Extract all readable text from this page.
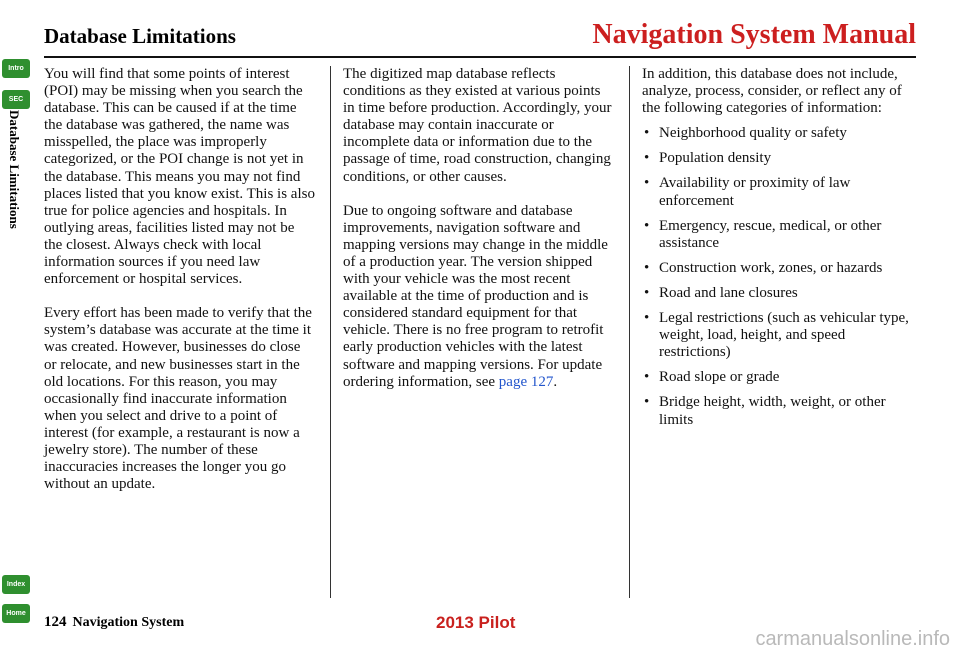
Database Limitations	Navigation System Manual
Intro
SEC
Database Limitations
Index
Home

You will find that some points of interest (POI) may be missing when you search the database. This can be caused if at the time the database was gathered, the name was misspelled, the place was improperly categorized, or the POI change is not yet in the database. This means you may not find places listed that you know exist. This is also true for police agencies and hospitals. In outlying areas, facilities listed may not be the closest. Always check with local information sources if you need law enforcement or hospital services.

Every effort has been made to verify that the system’s database was accurate at the time it was created. However, businesses do close or relocate, and new businesses start in the old locations. For this reason, you may occasionally find inaccurate information when you select and drive to a point of interest (for example, a restaurant is now a jewelry store). The number of these inaccuracies increases the longer you go without an update.

The digitized map database reflects conditions as they existed at various points in time before production. Accordingly, your database may contain inaccurate or incomplete data or information due to the passage of time, road construction, changing conditions, or other causes.

Due to ongoing software and database improvements, navigation software and mapping versions may change in the middle of a production year. The version shipped with your vehicle was the most recent available at the time of production and is considered standard equipment for that vehicle. There is no free program to retrofit early production vehicles with the latest software and mapping versions. For update ordering information, see page 127.

In addition, this database does not include, analyze, process, consider, or reflect any of the following categories of information:

• Neighborhood quality or safety
• Population density
• Availability or proximity of law enforcement
• Emergency, rescue, medical, or other assistance
• Construction work, zones, or hazards
• Road and lane closures
• Legal restrictions (such as vehicular type, weight, load, height, and speed restrictions)
• Road slope or grade
• Bridge height, width, weight, or other limits
124 Navigation System	2013 Pilot
carmanualsonline.info
